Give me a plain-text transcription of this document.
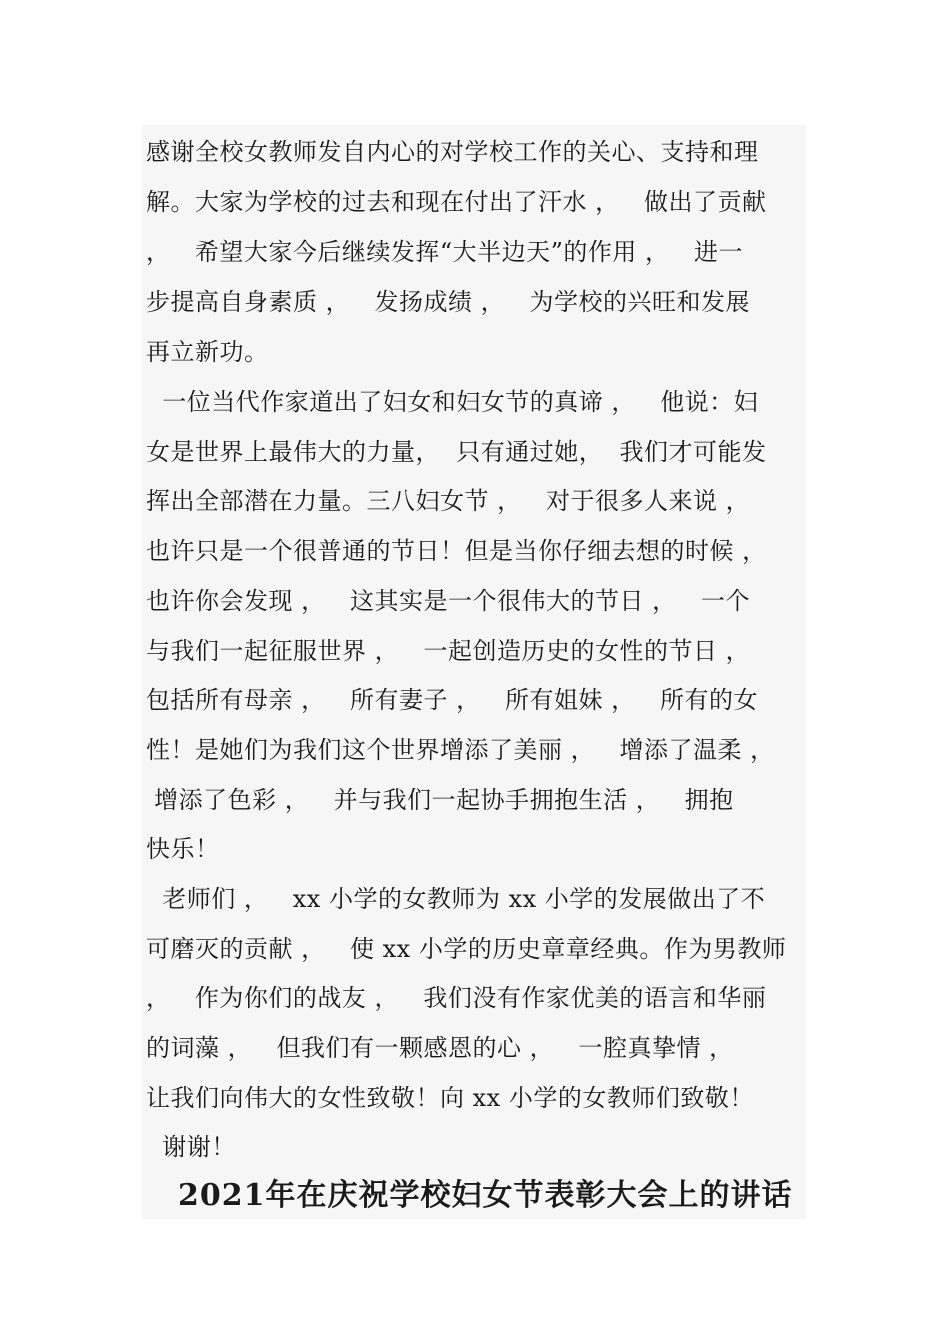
感谢全校女教师发自内心的对学校工作的关心、支持和理
解。大家为学校的过去和现在付出了汗水 ，   做出了贡献
，   希望大家今后继续发挥“大半边天”的作用 ，   进一
步提高自身素质 ，   发扬成绩 ，   为学校的兴旺和发展
再立新功。
一位当代作家道出了妇女和妇女节的真谛 ，   他说：妇
女是世界上最伟大的力量，  只有通过她，  我们才可能发
挥出全部潜在力量。三八妇女节 ，   对于很多人来说 ，
也许只是一个很普通的节日！但是当你仔细去想的时候 ，
也许你会发现 ，   这其实是一个很伟大的节日 ，   一个
与我们一起征服世界 ，   一起创造历史的女性的节日 ，
包括所有母亲 ，   所有妻子 ，   所有姐妹 ，   所有的女
性！是她们为我们这个世界增添了美丽 ，   增添了温柔 ，
增添了色彩 ，   并与我们一起协手拥抱生活 ，   拥抱
快乐！
老师们 ，   xx 小学的女教师为 xx 小学的发展做出了不
可磨灭的贡献 ，   使 xx 小学的历史章章经典。作为男教师
，   作为你们的战友 ，   我们没有作家优美的语言和华丽
的词藻 ，   但我们有一颗感恩的心 ，   一腔真挚情 ，
让我们向伟大的女性致敬！向 xx 小学的女教师们致敬！
谢谢！
2021年在庆祝学校妇女节表彰大会上的讲话
